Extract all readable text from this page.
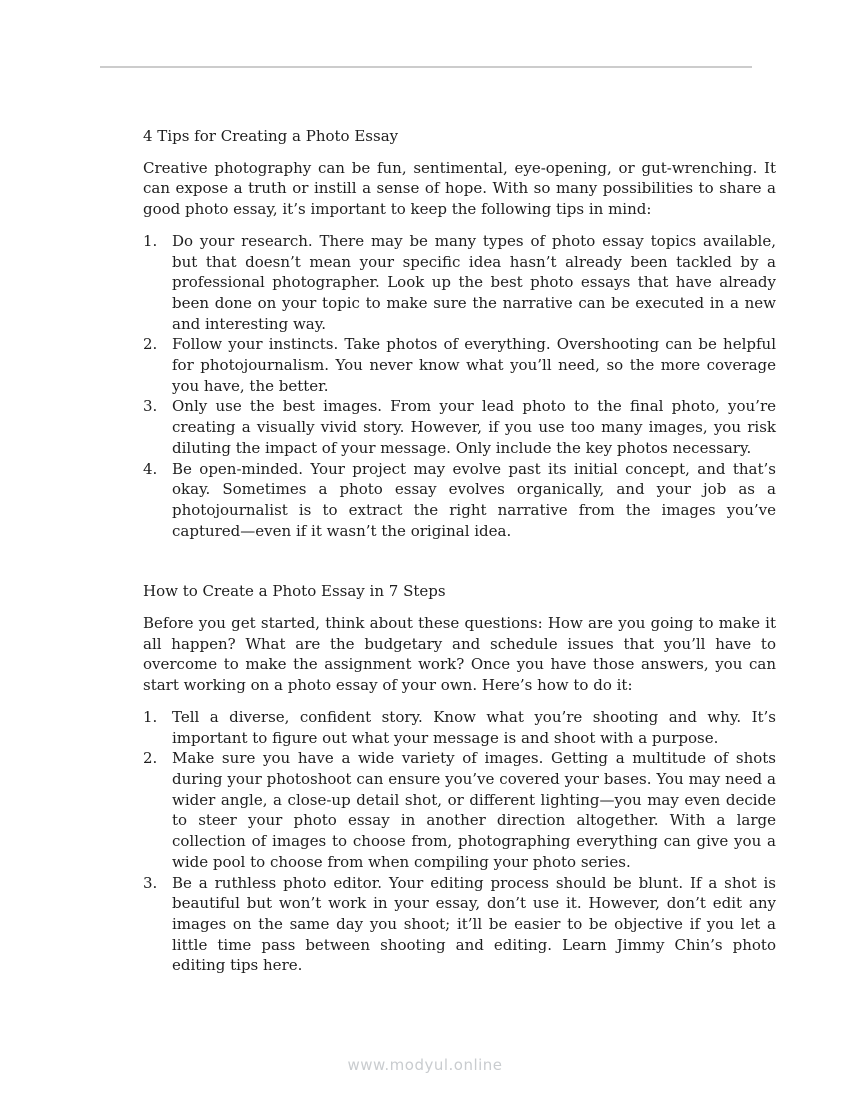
4 Tips for Creating a Photo Essay

Creative photography can be fun, sentimental, eye-opening, or gut-wrenching. It can expose a truth or instill a sense of hope. With so many possibilities to share a good photo essay, it’s important to keep the following tips in mind:

Do your research. There may be many types of photo essay topics available, but that doesn’t mean your specific idea hasn’t already been tackled by a professional photographer. Look up the best photo essays that have already been done on your topic to make sure the narrative can be executed in a new and interesting way.
Follow your instincts. Take photos of everything. Overshooting can be helpful for photojournalism. You never know what you’ll need, so the more coverage you have, the better.
Only use the best images. From your lead photo to the final photo, you’re creating a visually vivid story. However, if you use too many images, you risk diluting the impact of your message. Only include the key photos necessary.
Be open-minded. Your project may evolve past its initial concept, and that’s okay. Sometimes a photo essay evolves organically, and your job as a photojournalist is to extract the right narrative from the images you’ve captured—even if it wasn’t the original idea.

How to Create a Photo Essay in 7 Steps

Before you get started, think about these questions: How are you going to make it all happen? What are the budgetary and schedule issues that you’ll have to overcome to make the assignment work? Once you have those answers, you can start working on a photo essay of your own. Here’s how to do it:

Tell a diverse, confident story. Know what you’re shooting and why. It’s important to figure out what your message is and shoot with a purpose.
Make sure you have a wide variety of images. Getting a multitude of shots during your photoshoot can ensure you’ve covered your bases. You may need a wider angle, a close-up detail shot, or different lighting—you may even decide to steer your photo essay in another direction altogether. With a large collection of images to choose from, photographing everything can give you a wide pool to choose from when compiling your photo series.
Be a ruthless photo editor. Your editing process should be blunt. If a shot is beautiful but won’t work in your essay, don’t use it. However, don’t edit any images on the same day you shoot; it’ll be easier to be objective if you let a little time pass between shooting and editing. Learn Jimmy Chin’s photo editing tips here.
www.modyul.online
